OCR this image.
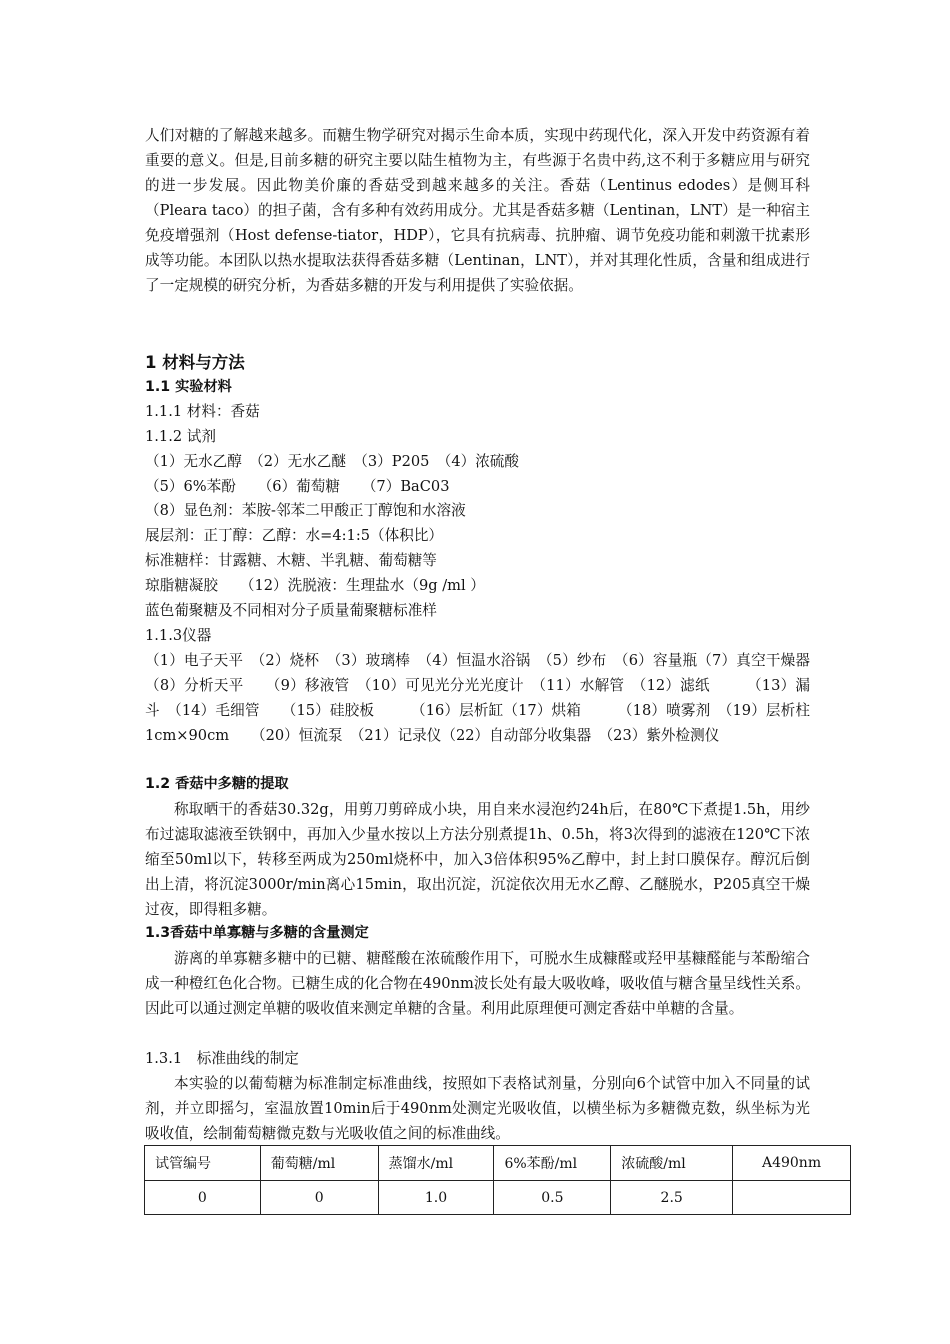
人们对糖的了解越来越多。而糖生物学研究对揭示生命本质，实现中药现代化，深入开发中药资源有着重要的意义。但是,目前多糖的研究主要以陆生植物为主，有些源于名贵中药,这不利于多糖应用与研究的进一步发展。因此物美价廉的香菇受到越来越多的关注。香菇（Lentinus edodes）是侧耳科（Pleara taco）的担子菌，含有多种有效药用成分。尤其是香菇多糖（Lentinan，LNT）是一种宿主免疫增强剂（Host defense-tiator，HDP），它具有抗病毒、抗肿瘤、调节免疫功能和刺激干扰素形成等功能。本团队以热水提取法获得香菇多糖（Lentinan，LNT），并对其理化性质，含量和组成进行了一定规模的研究分析，为香菇多糖的开发与利用提供了实验依据。

1 材料与方法
1.1 实验材料
1.1.1 材料：香菇
1.1.2 试剂
（1）无水乙醇　（2）无水乙醚　（3）P205　（4）浓硫酸
（5）6%苯酚　　（6）葡萄糖　　（7）BaC03
（8）显色剂：苯胺-邻苯二甲酸正丁醇饱和水溶液
展层剂：正丁醇：乙醇：水=4:1:5（体积比）
标准糖样：甘露糖、木糖、半乳糖、葡萄糖等
琼脂糖凝胶　　（12）洗脱液：生理盐水（9g /ml ）
蓝色葡聚糖及不同相对分子质量葡聚糖标准样
1.1.3仪器

（1）电子天平　（2）烧杯　（3）玻璃棒　（4）恒温水浴锅　（5）纱布　（6）容量瓶（7）真空干燥器　　（8）分析天平　　（9）移液管　（10）可见光分光光度计　（11）水解管　（12）滤纸　　　（13）漏斗　（14）毛细管　　（15）硅胶板　　　（16）层析缸（17）烘箱　　　（18）喷雾剂　（19）层析柱1cm×90cm　　（20）恒流泵　（21）记录仪（22）自动部分收集器　（23）紫外检测仪

1.2 香菇中多糖的提取

称取晒干的香菇30.32g，用剪刀剪碎成小块，用自来水浸泡约24h后，在80℃下煮提1.5h，用纱布过滤取滤液至铁钢中，再加入少量水按以上方法分别煮提1h、0.5h，将3次得到的滤液在120℃下浓缩至50ml以下，转移至两成为250ml烧杯中，加入3倍体积95%乙醇中，封上封口膜保存。醇沉后倒出上清，将沉淀3000r/min离心15min，取出沉淀，沉淀依次用无水乙醇、乙醚脱水，P205真空干燥过夜，即得粗多糖。

1.3香菇中单寡糖与多糖的含量测定

游离的单寡糖多糖中的已糖、糖醛酸在浓硫酸作用下，可脱水生成糠醛或羟甲基糠醛能与苯酚缩合成一种橙红色化合物。已糖生成的化合物在490nm波长处有最大吸收峰，吸收值与糖含量呈线性关系。因此可以通过测定单糖的吸收值来测定单糖的含量。利用此原理便可测定香菇中单糖的含量。

1.3.1　标准曲线的制定

本实验的以葡萄糖为标准制定标准曲线，按照如下表格试剂量，分别向6个试管中加入不同量的试剂，并立即摇匀，室温放置10min后于490nm处测定光吸收值，以横坐标为多糖微克数，纵坐标为光吸收值，绘制葡萄糖微克数与光吸收值之间的标准曲线。

试管编号	葡萄糖/ml	蒸馏水/ml	6%苯酚/ml	浓硫酸/ml	A490nm
0	0	1.0	0.5	2.5	
